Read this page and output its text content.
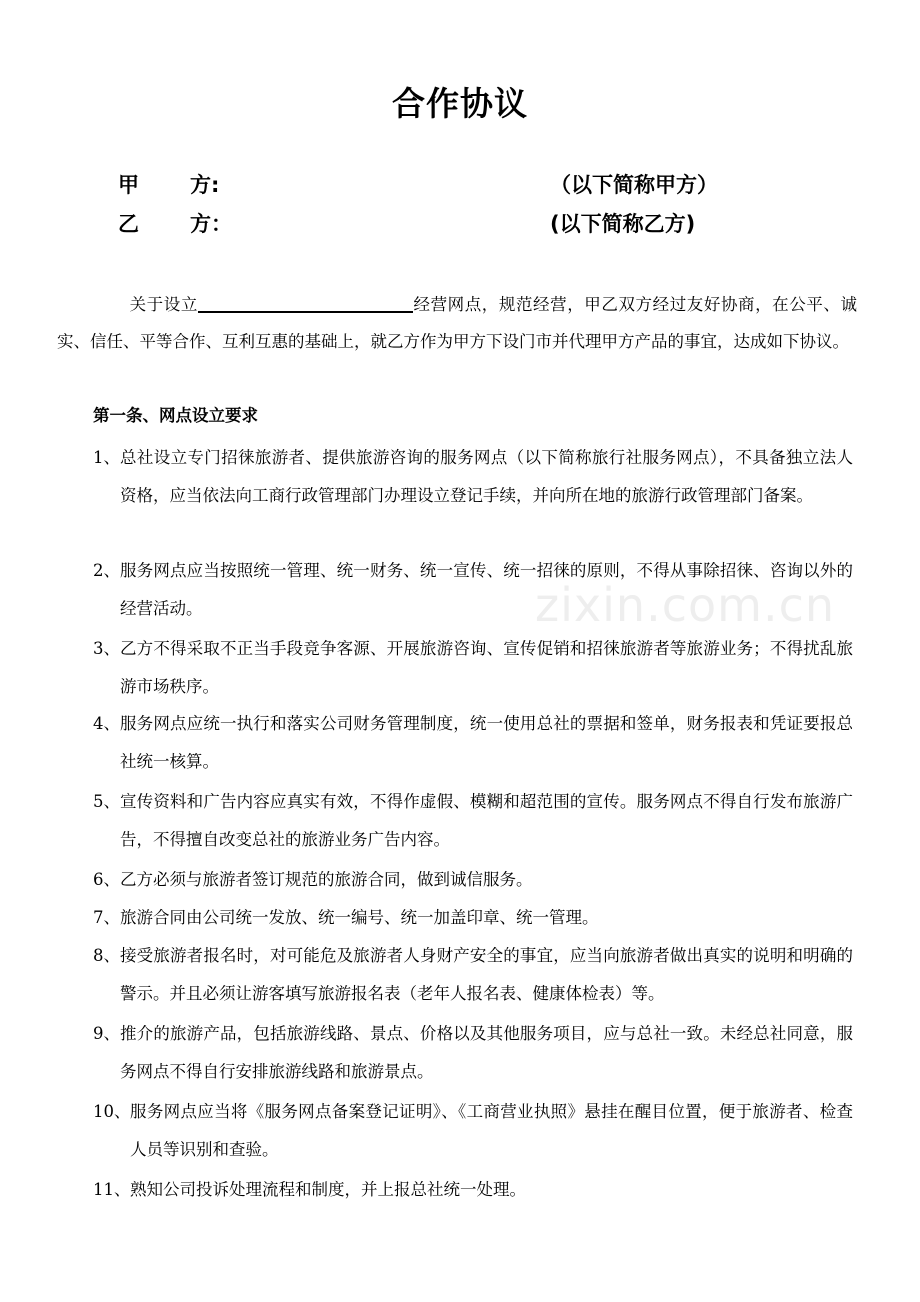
合作协议
甲 方:	（以下简称甲方）
乙 方：	(以下简称乙方)
关于设立	经营网点，规范经营，甲乙双方经过友好协商，在公平、诚实、信任、平等合作、互利互惠的基础上，就乙方作为甲方下设门市并代理甲方产品的事宜，达成如下协议。
第一条、网点设立要求
1、 总社设立专门招徕旅游者、提供旅游咨询的服务网点（以下简称旅行社服务网点），不具备独立法人资格，应当依法向工商行政管理部门办理设立登记手续，并向所在地的旅游行政管理部门备案。
2、 服务网点应当按照统一管理、统一财务、统一宣传、统一招徕的原则，不得从事除招徕、咨询以外的经营活动。
3、 乙方不得采取不正当手段竞争客源、开展旅游咨询、宣传促销和招徕旅游者等旅游业务；不得扰乱旅游市场秩序。
4、 服务网点应统一执行和落实公司财务管理制度，统一使用总社的票据和签单，财务报表和凭证要报总社统一核算。
5、 宣传资料和广告内容应真实有效，不得作虚假、模糊和超范围的宣传。服务网点不得自行发布旅游广告，不得擅自改变总社的旅游业务广告内容。
6、 乙方必须与旅游者签订规范的旅游合同，做到诚信服务。
7、 旅游合同由公司统一发放、统一编号、统一加盖印章、统一管理。
8、 接受旅游者报名时，对可能危及旅游者人身财产安全的事宜，应当向旅游者做出真实的说明和明确的警示。并且必须让游客填写旅游报名表（老年人报名表、健康体检表）等。
9、 推介的旅游产品，包括旅游线路、景点、价格以及其他服务项目，应与总社一致。未经总社同意，服务网点不得自行安排旅游线路和旅游景点。
10、 服务网点应当将《服务网点备案登记证明》、《工商营业执照》悬挂在醒目位置，便于旅游者、检查人员等识别和查验。
11、 熟知公司投诉处理流程和制度，并上报总社统一处理。
zixin.com.cn
